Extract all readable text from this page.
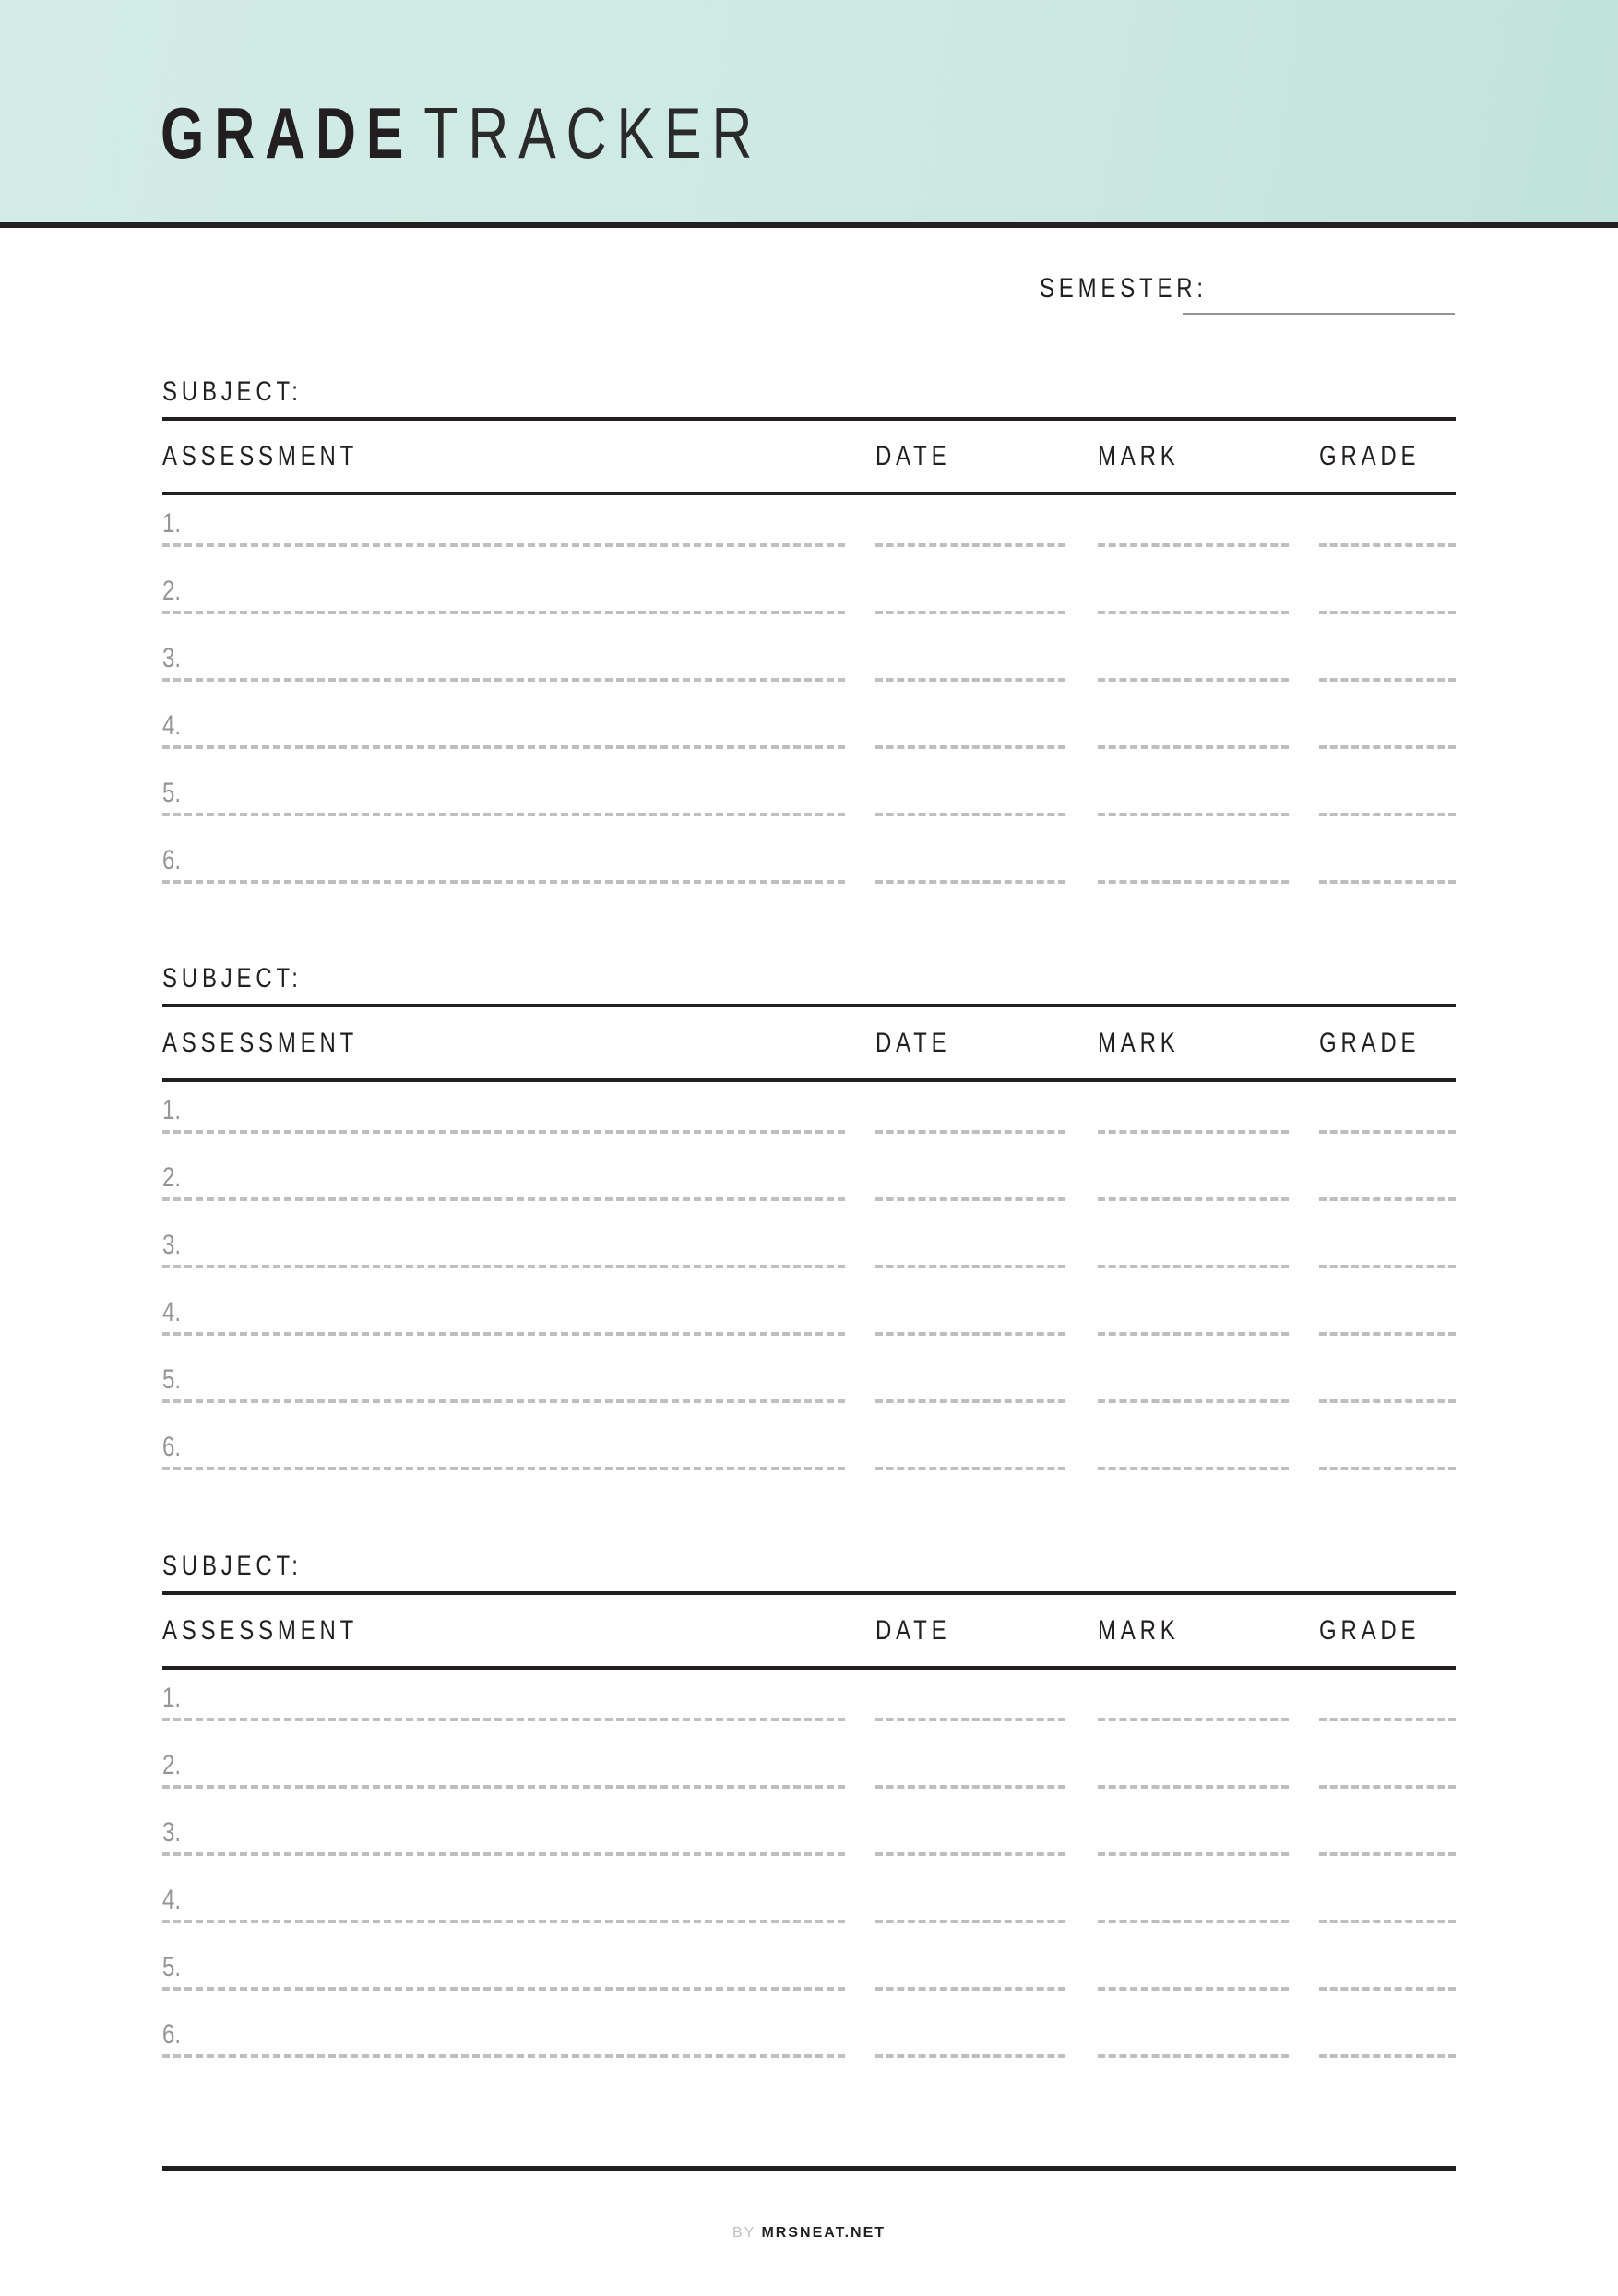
GRADE TRACKER
SEMESTER:
SUBJECT:
ASSESSMENT	DATE	MARK	GRADE
1.
2.
3.
4.
5.
6.
SUBJECT:
ASSESSMENT	DATE	MARK	GRADE
1.
2.
3.
4.
5.
6.
SUBJECT:
ASSESSMENT	DATE	MARK	GRADE
1.
2.
3.
4.
5.
6.
BY MRSNEAT.NET
